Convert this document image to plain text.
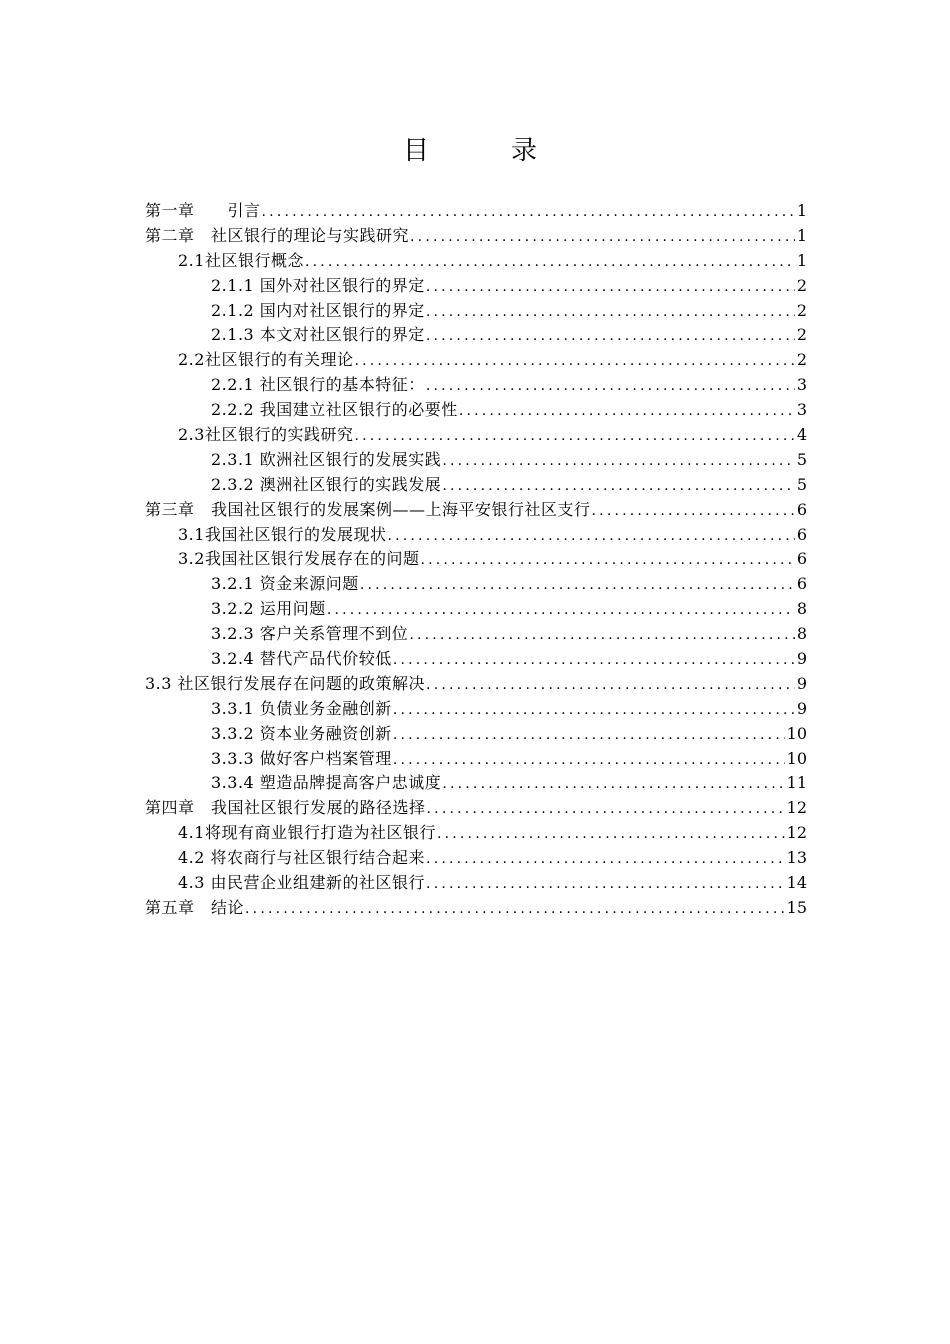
目　录
第一章　　引言 .....	1
第二章　社区银行的理论与实践研究 .....	1
2.1社区银行概念 .....	1
2.1.1 国外对社区银行的界定 .....	2
2.1.2 国内对社区银行的界定 .....	2
2.1.3 本文对社区银行的界定 .....	2
2.2社区银行的有关理论 .....	2
2.2.1 社区银行的基本特征： .....	3
2.2.2 我国建立社区银行的必要性 .....	3
2.3社区银行的实践研究 .....	4
2.3.1 欧洲社区银行的发展实践 .....	5
2.3.2 澳洲社区银行的实践发展 .....	5
第三章　我国社区银行的发展案例——上海平安银行社区支行 .....	6
3.1我国社区银行的发展现状 .....	6
3.2我国社区银行发展存在的问题 .....	6
3.2.1 资金来源问题 .....	6
3.2.2 运用问题 .....	8
3.2.3 客户关系管理不到位 .....	8
3.2.4 替代产品代价较低 .....	9
3.3 社区银行发展存在问题的政策解决 .....	9
3.3.1 负债业务金融创新 .....	9
3.3.2 资本业务融资创新 .....	10
3.3.3 做好客户档案管理 .....	10
3.3.4 塑造品牌提高客户忠诚度 .....	11
第四章　我国社区银行发展的路径选择 .....	12
4.1将现有商业银行打造为社区银行 .....	12
4.2 将农商行与社区银行结合起来 .....	13
4.3 由民营企业组建新的社区银行 .....	14
第五章　结论 .....	15
